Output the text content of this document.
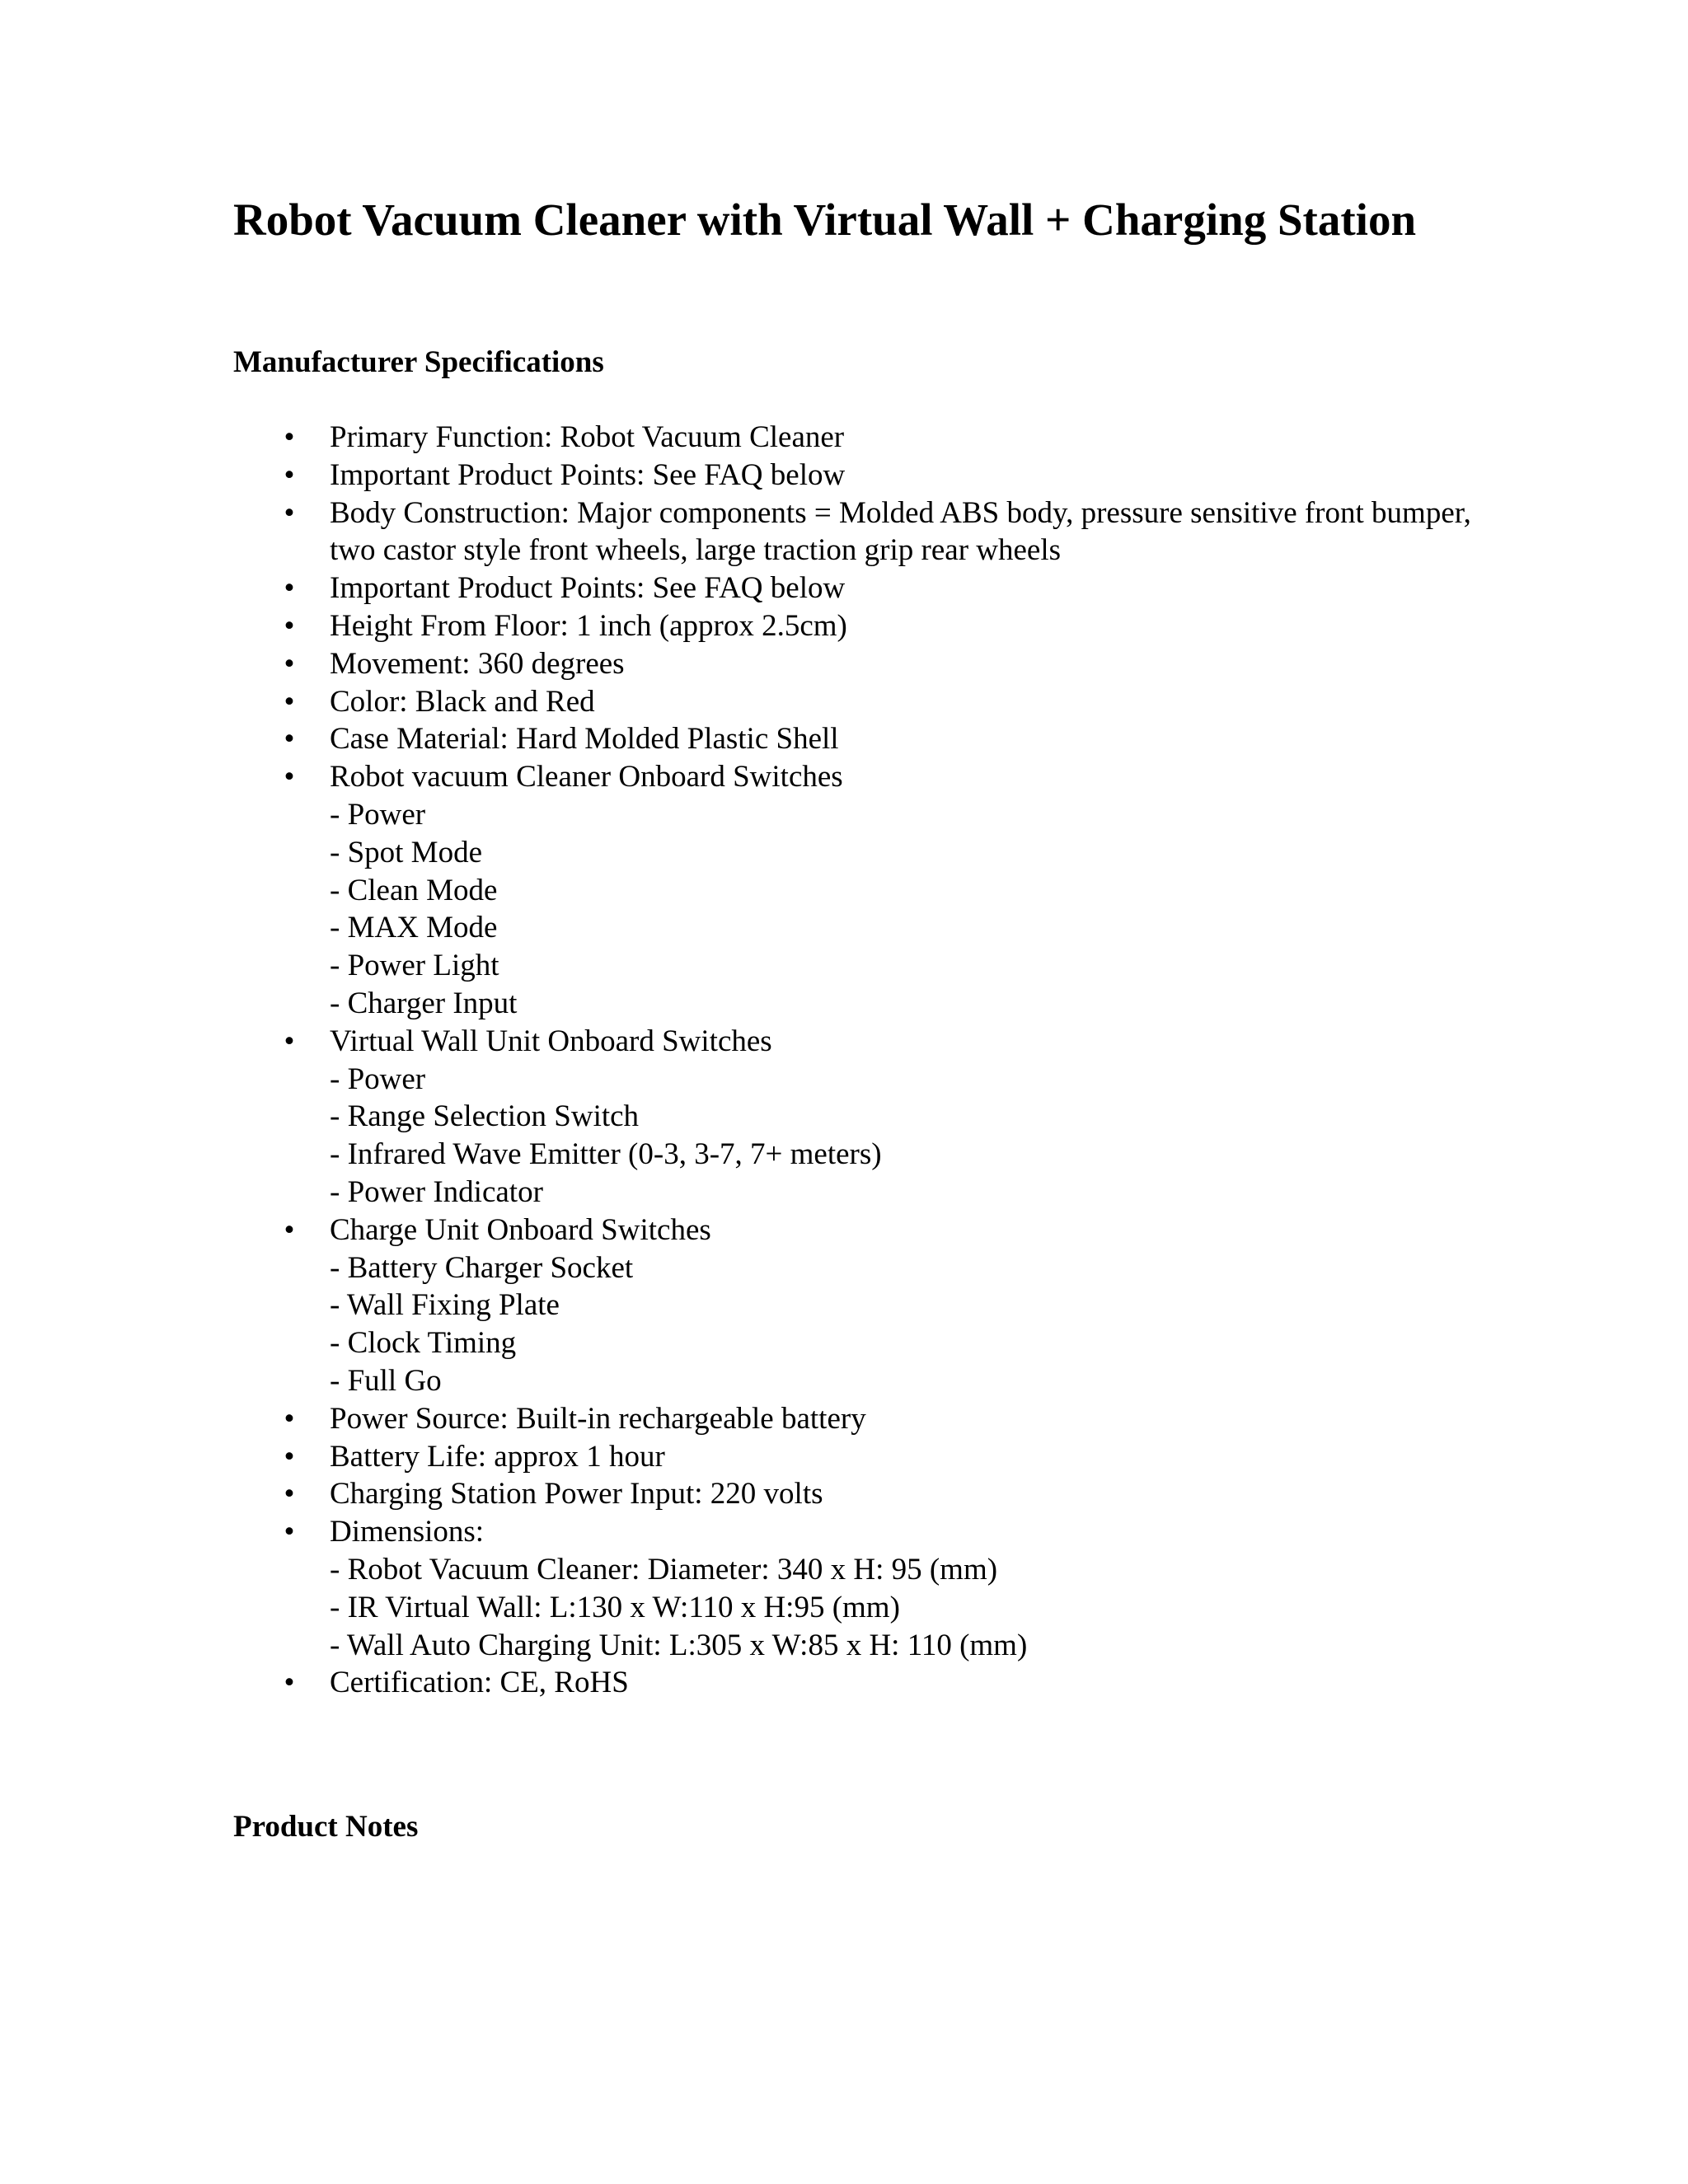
Robot Vacuum Cleaner with Virtual Wall + Charging Station
Manufacturer Specifications
• Primary Function: Robot Vacuum Cleaner
• Important Product Points: See FAQ below
• Body Construction: Major components = Molded ABS body, pressure sensitive front bumper, two castor style front wheels, large traction grip rear wheels
• Important Product Points: See FAQ below
• Height From Floor: 1 inch (approx 2.5cm)
• Movement: 360 degrees
• Color: Black and Red
• Case Material: Hard Molded Plastic Shell
• Robot vacuum Cleaner Onboard Switches
- Power
- Spot Mode
- Clean Mode
- MAX Mode
- Power Light
- Charger Input
• Virtual Wall Unit Onboard Switches
- Power
- Range Selection Switch
- Infrared Wave Emitter (0-3, 3-7, 7+ meters)
- Power Indicator
• Charge Unit Onboard Switches
- Battery Charger Socket
- Wall Fixing Plate
- Clock Timing
- Full Go
• Power Source: Built-in rechargeable battery
• Battery Life: approx 1 hour
• Charging Station Power Input: 220 volts
• Dimensions:
- Robot Vacuum Cleaner: Diameter: 340 x H: 95 (mm)
- IR Virtual Wall: L:130 x W:110 x H:95 (mm)
- Wall Auto Charging Unit: L:305 x W:85 x H: 110 (mm)
• Certification: CE, RoHS
Product Notes
